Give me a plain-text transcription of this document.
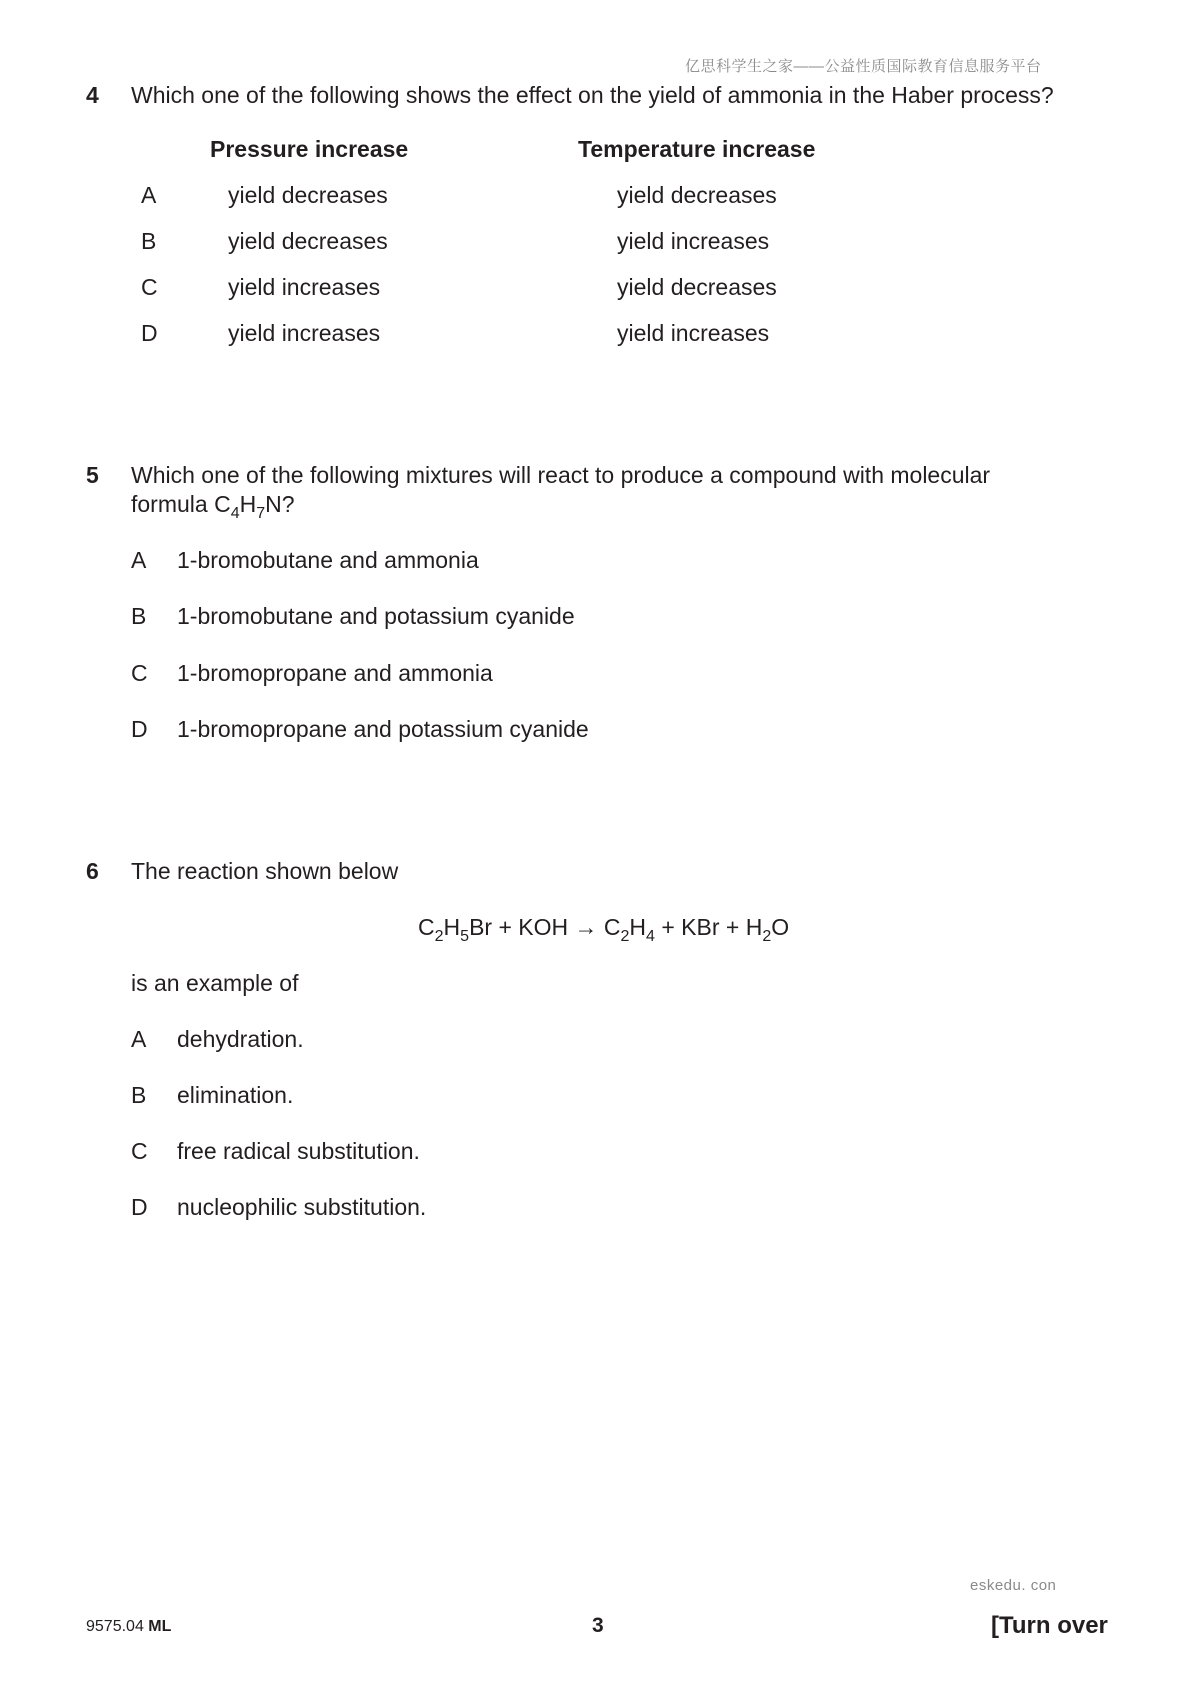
亿思科学生之家——公益性质国际教育信息服务平台
4 Which one of the following shows the effect on the yield of ammonia in the Haber process?
Pressure increase	Temperature increase
A	yield decreases	yield decreases
B	yield decreases	yield increases
C	yield increases	yield decreases
D	yield increases	yield increases
5 Which one of the following mixtures will react to produce a compound with molecular
formula $C_4H_7N$?
A 1-bromobutane and ammonia
B 1-bromobutane and potassium cyanide
C 1-bromopropane and ammonia
D 1-bromopropane and potassium cyanide
6 The reaction shown below
$C_2H_5Br$ + KOH → $C_2H_4$ + KBr + $H_2O$
is an example of
A dehydration.
B elimination.
C free radical substitution.
D nucleophilic substitution.
eskedu. con
9575.04 ML	3	[Turn over
